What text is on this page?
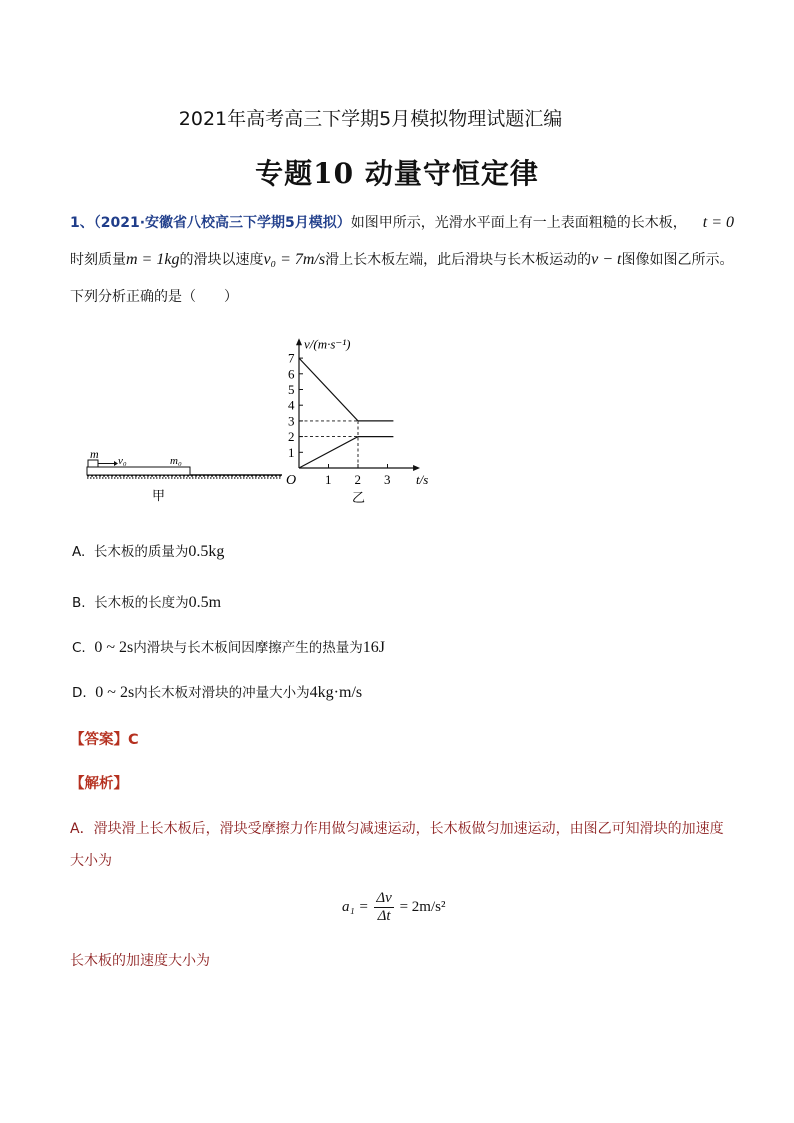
2021年高考高三下学期5月模拟物理试题汇编
专题10 动量守恒定律
1、（2021·安徽省八校高三下学期5月模拟）如图甲所示，光滑水平面上有一上表面粗糙的长木板， t = 0
时刻质量m = 1kg的滑块以速度v₀ = 7m/s滑上长木板左端，此后滑块与长木板运动的v − t图像如图乙所示。
下列分析正确的是（　　）
m v₀	m₀
甲
1
2
3
4
5
6
7
1 2 3
v/(m·s⁻¹)
t/s
O
乙
A. 长木板的质量为0.5kg
B. 长木板的长度为0.5m
C. 0 ~ 2s内滑块与长木板间因摩擦产生的热量为16J
D. 0 ~ 2s内长木板对滑块的冲量大小为4kg·m/s
【答案】C
【解析】
A．滑块滑上长木板后，滑块受摩擦力作用做匀减速运动，长木板做匀加速运动，由图乙可知滑块的加速度
大小为
$a_1 = \frac{\Delta v}{\Delta t} = 2m/s^2$
长木板的加速度大小为
